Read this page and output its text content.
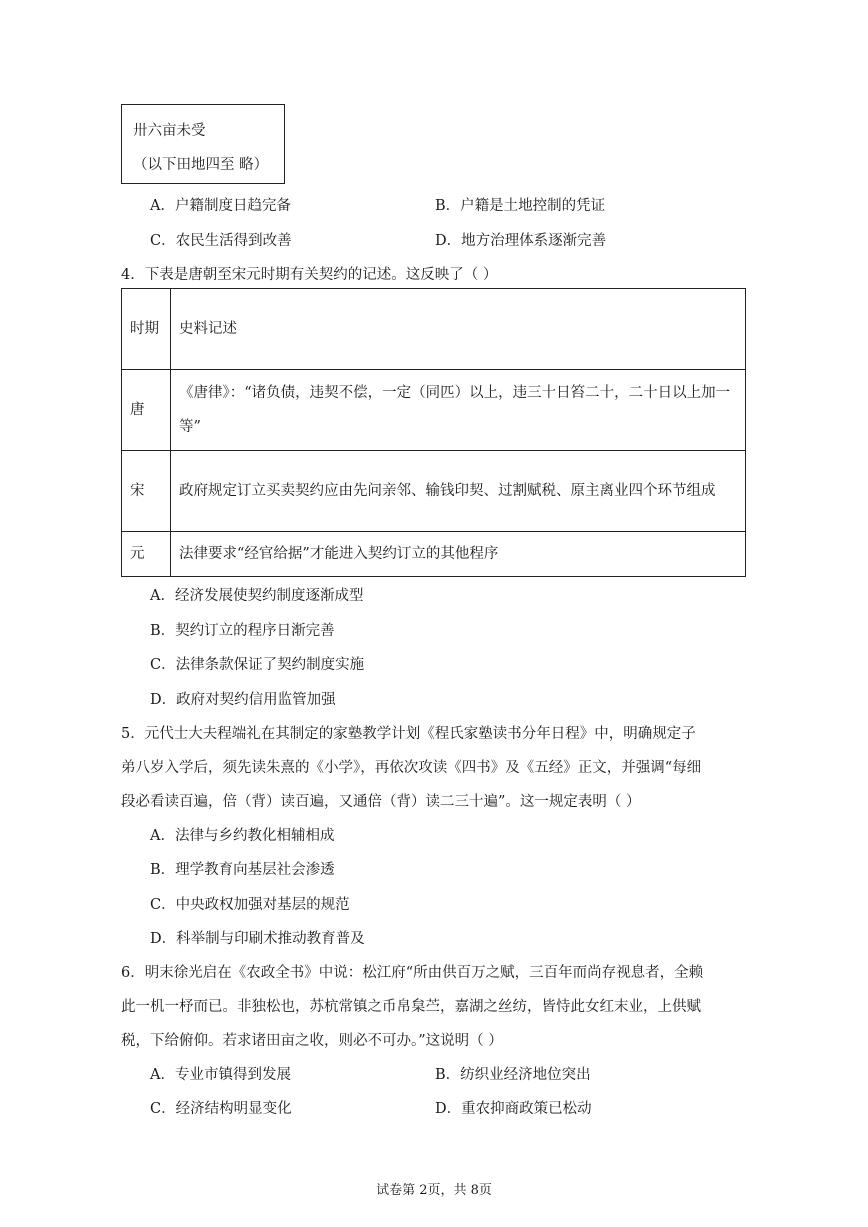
卅六亩未受
（以下田地四至 略）
A．户籍制度日趋完备	B．户籍是土地控制的凭证
C．农民生活得到改善	D．地方治理体系逐渐完善
4．下表是唐朝至宋元时期有关契约的记述。这反映了（ ）
时期	史料记述
唐	《唐律》：“诸负债，违契不偿，一定（同匹）以上，违三十日笞二十，二十日以上加一等”
宋	政府规定订立买卖契约应由先问亲邻、输钱印契、过割赋税、原主离业四个环节组成
元	法律要求“经官给据”才能进入契约订立的其他程序
A．经济发展使契约制度逐渐成型
B．契约订立的程序日渐完善
C．法律条款保证了契约制度实施
D．政府对契约信用监管加强
5．元代士大夫程端礼在其制定的家塾教学计划《程氏家塾读书分年日程》中，明确规定子
弟八岁入学后，须先读朱熹的《小学》，再依次攻读《四书》及《五经》正文，并强调“每细
段必看读百遍，倍（背）读百遍，又通倍（背）读二三十遍”。这一规定表明（ ）
A．法律与乡约教化相辅相成
B．理学教育向基层社会渗透
C．中央政权加强对基层的规范
D．科举制与印刷术推动教育普及
6．明末徐光启在《农政全书》中说：松江府“所由供百万之赋，三百年而尚存视息者，全赖
此一机一杼而已。非独松也，苏杭常镇之币帛枲苎，嘉湖之丝纺，皆恃此女红末业，上供赋
税，下给俯仰。若求诸田亩之收，则必不可办。”这说明（ ）
A．专业市镇得到发展	B．纺织业经济地位突出
C．经济结构明显变化	D．重农抑商政策已松动
试卷第 2页，共 8页
